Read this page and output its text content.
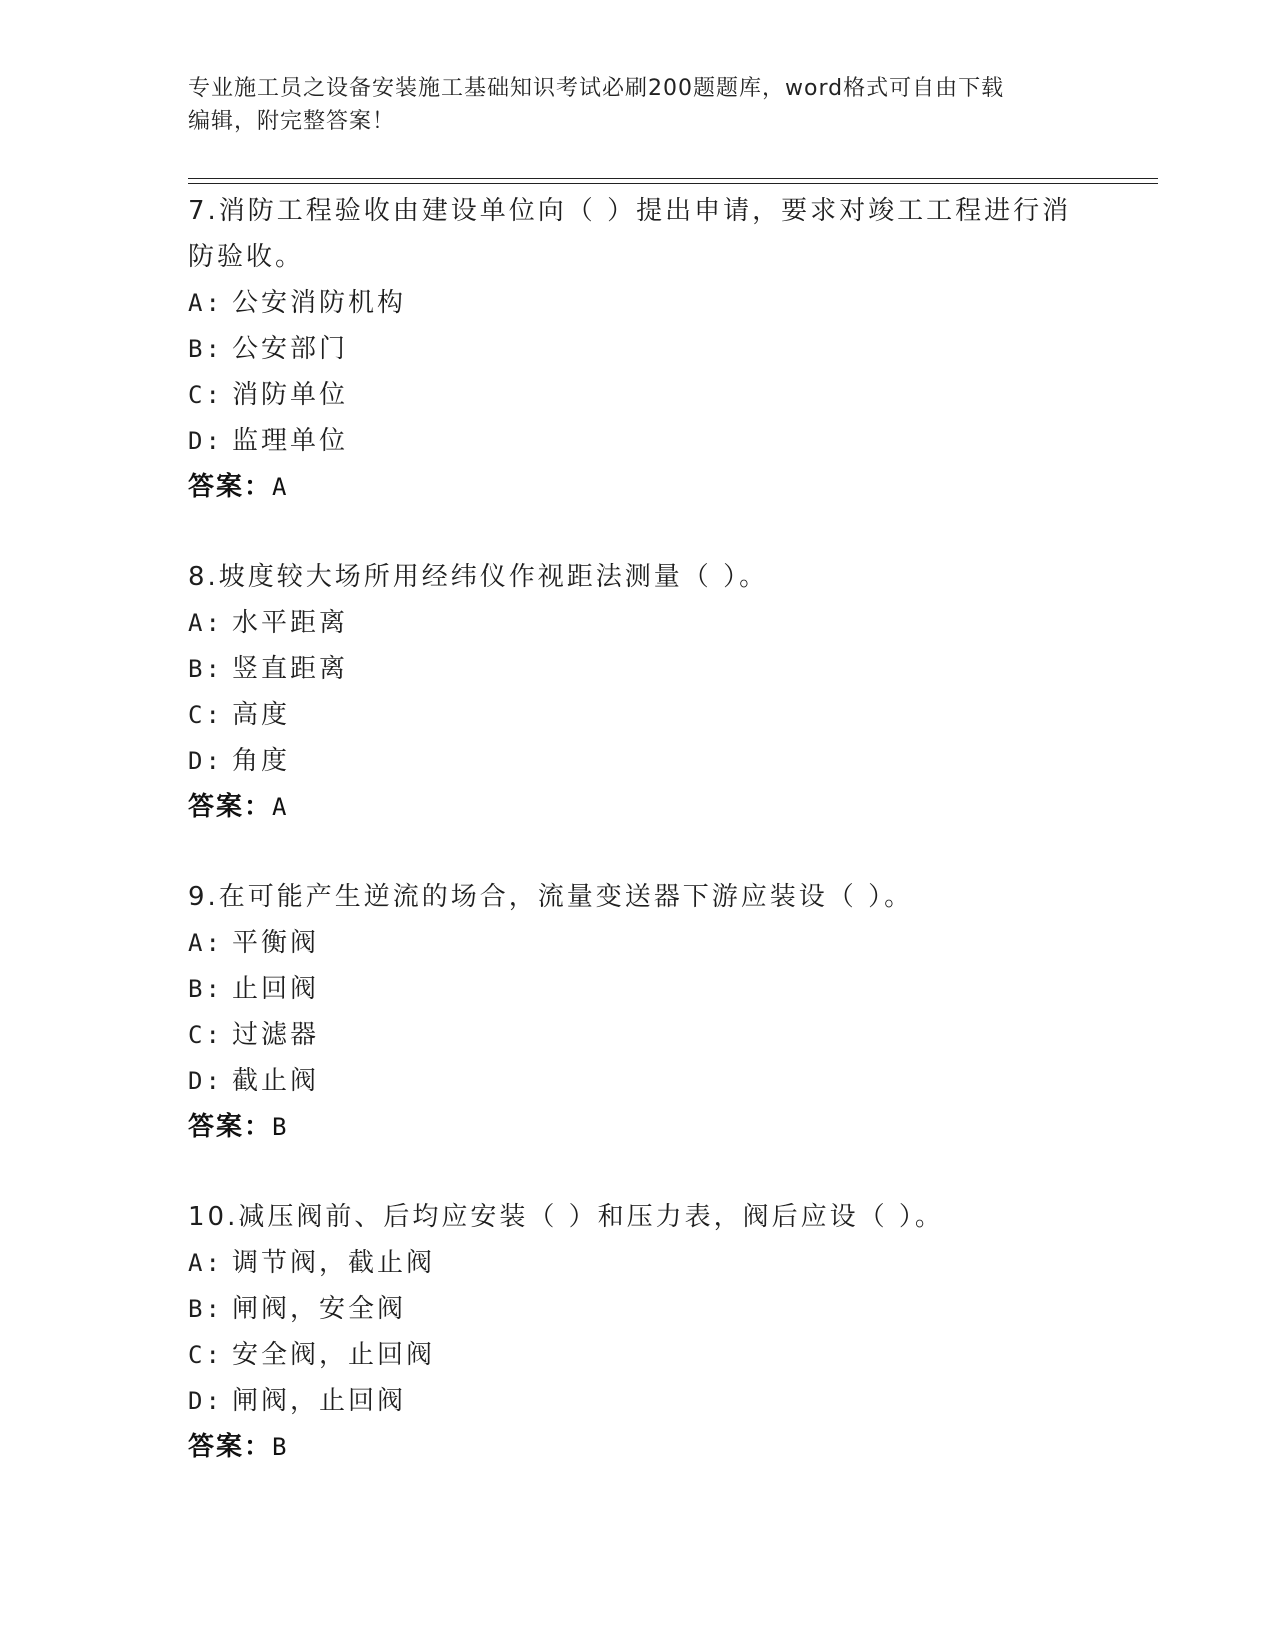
专业施工员之设备安装施工基础知识考试必刷200题题库，word格式可自由下载
编辑，附完整答案！
7.消防工程验收由建设单位向（ ）提出申请，要求对竣工工程进行消防验收。
A: 公安消防机构
B: 公安部门
C: 消防单位
D: 监理单位
答案：A
8.坡度较大场所用经纬仪作视距法测量（ ）。
A: 水平距离
B: 竖直距离
C: 高度
D: 角度
答案：A
9.在可能产生逆流的场合，流量变送器下游应装设（ ）。
A: 平衡阀
B: 止回阀
C: 过滤器
D: 截止阀
答案：B
10.减压阀前、后均应安装（ ）和压力表，阀后应设（ ）。
A: 调节阀，截止阀
B: 闸阀，安全阀
C: 安全阀，止回阀
D: 闸阀，止回阀
答案：B
